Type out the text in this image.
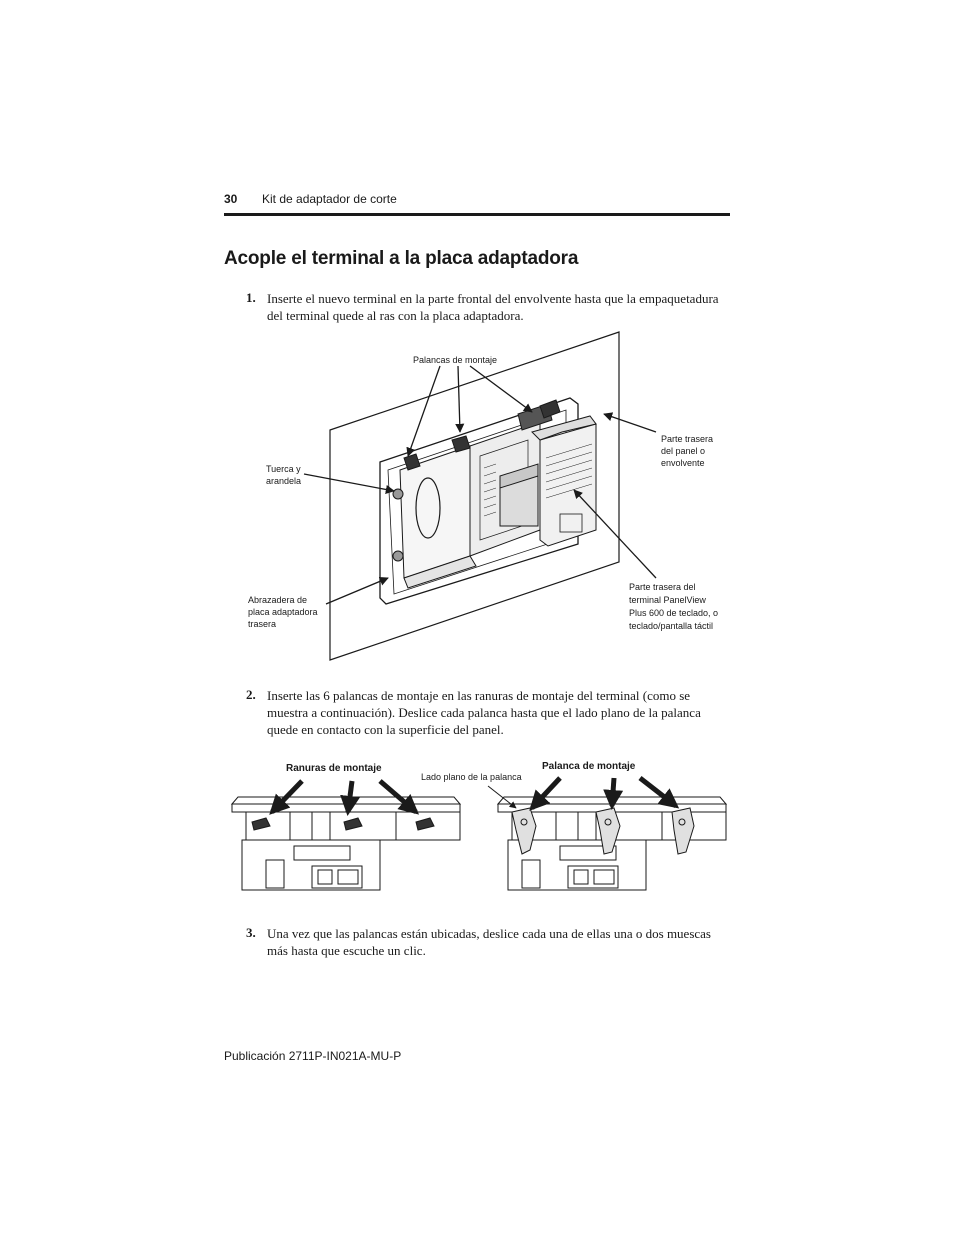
30 Kit de adaptador de corte
Acople el terminal a la placa adaptadora
1. Inserte el nuevo terminal en la parte frontal del envolvente hasta que la empaquetadura del terminal quede al ras con la placa adaptadora.
Palancas de montaje
Tuerca y
arandela
Abrazadera de
placa adaptadora
trasera
Parte trasera
del panel o
envolvente
Parte trasera del
terminal PanelView
Plus 600 de teclado, o
teclado/pantalla táctil
2. Inserte las 6 palancas de montaje en las ranuras de montaje del terminal (como se muestra a continuación). Deslice cada palanca hasta que el lado plano de la palanca quede en contacto con la superficie del panel.
Ranuras de montaje
Lado plano de la palanca
Palanca de montaje
3. Una vez que las palancas están ubicadas, deslice cada una de ellas una o dos muescas más hasta que escuche un clic.
Publicación 2711P-IN021A-MU-P
